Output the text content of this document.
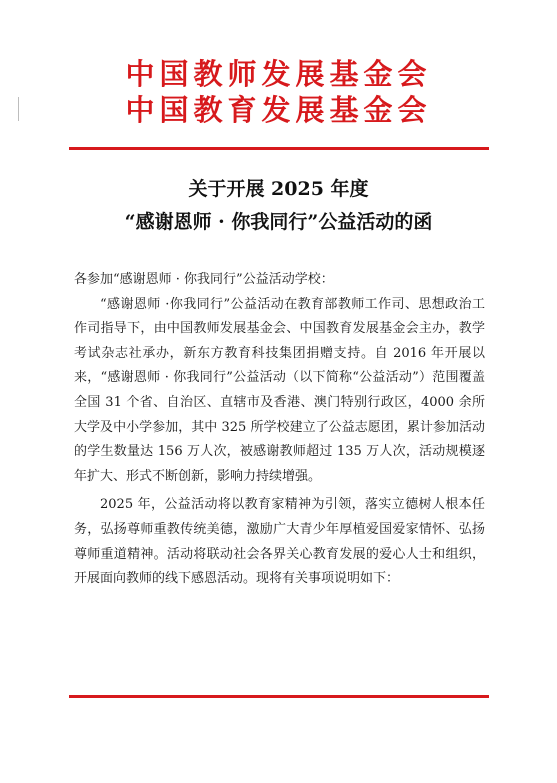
中国教师发展基金会

中国教育发展基金会

关于开展 2025 年度

“感谢恩师 · 你我同行”公益活动的函

各参加“感谢恩师 · 你我同行”公益活动学校：

“感谢恩师 ·你我同行”公益活动在教育部教师工作司、思想政治工作司指导下，由中国教师发展基金会、中国教育发展基金会主办，教学考试杂志社承办，新东方教育科技集团捐赠支持。自 2016 年开展以来，“感谢恩师 · 你我同行”公益活动（以下简称“公益活动”）范围覆盖全国 31 个省、自治区、直辖市及香港、澳门特别行政区，4000 余所大学及中小学参加，其中 325 所学校建立了公益志愿团，累计参加活动的学生数量达 156 万人次，被感谢教师超过 135 万人次，活动规模逐年扩大、形式不断创新，影响力持续增强。

2025 年，公益活动将以教育家精神为引领，落实立德树人根本任务，弘扬尊师重教传统美德，激励广大青少年厚植爱国爱家情怀、弘扬尊师重道精神。活动将联动社会各界关心教育发展的爱心人士和组织，开展面向教师的线下感恩活动。现将有关事项说明如下：
